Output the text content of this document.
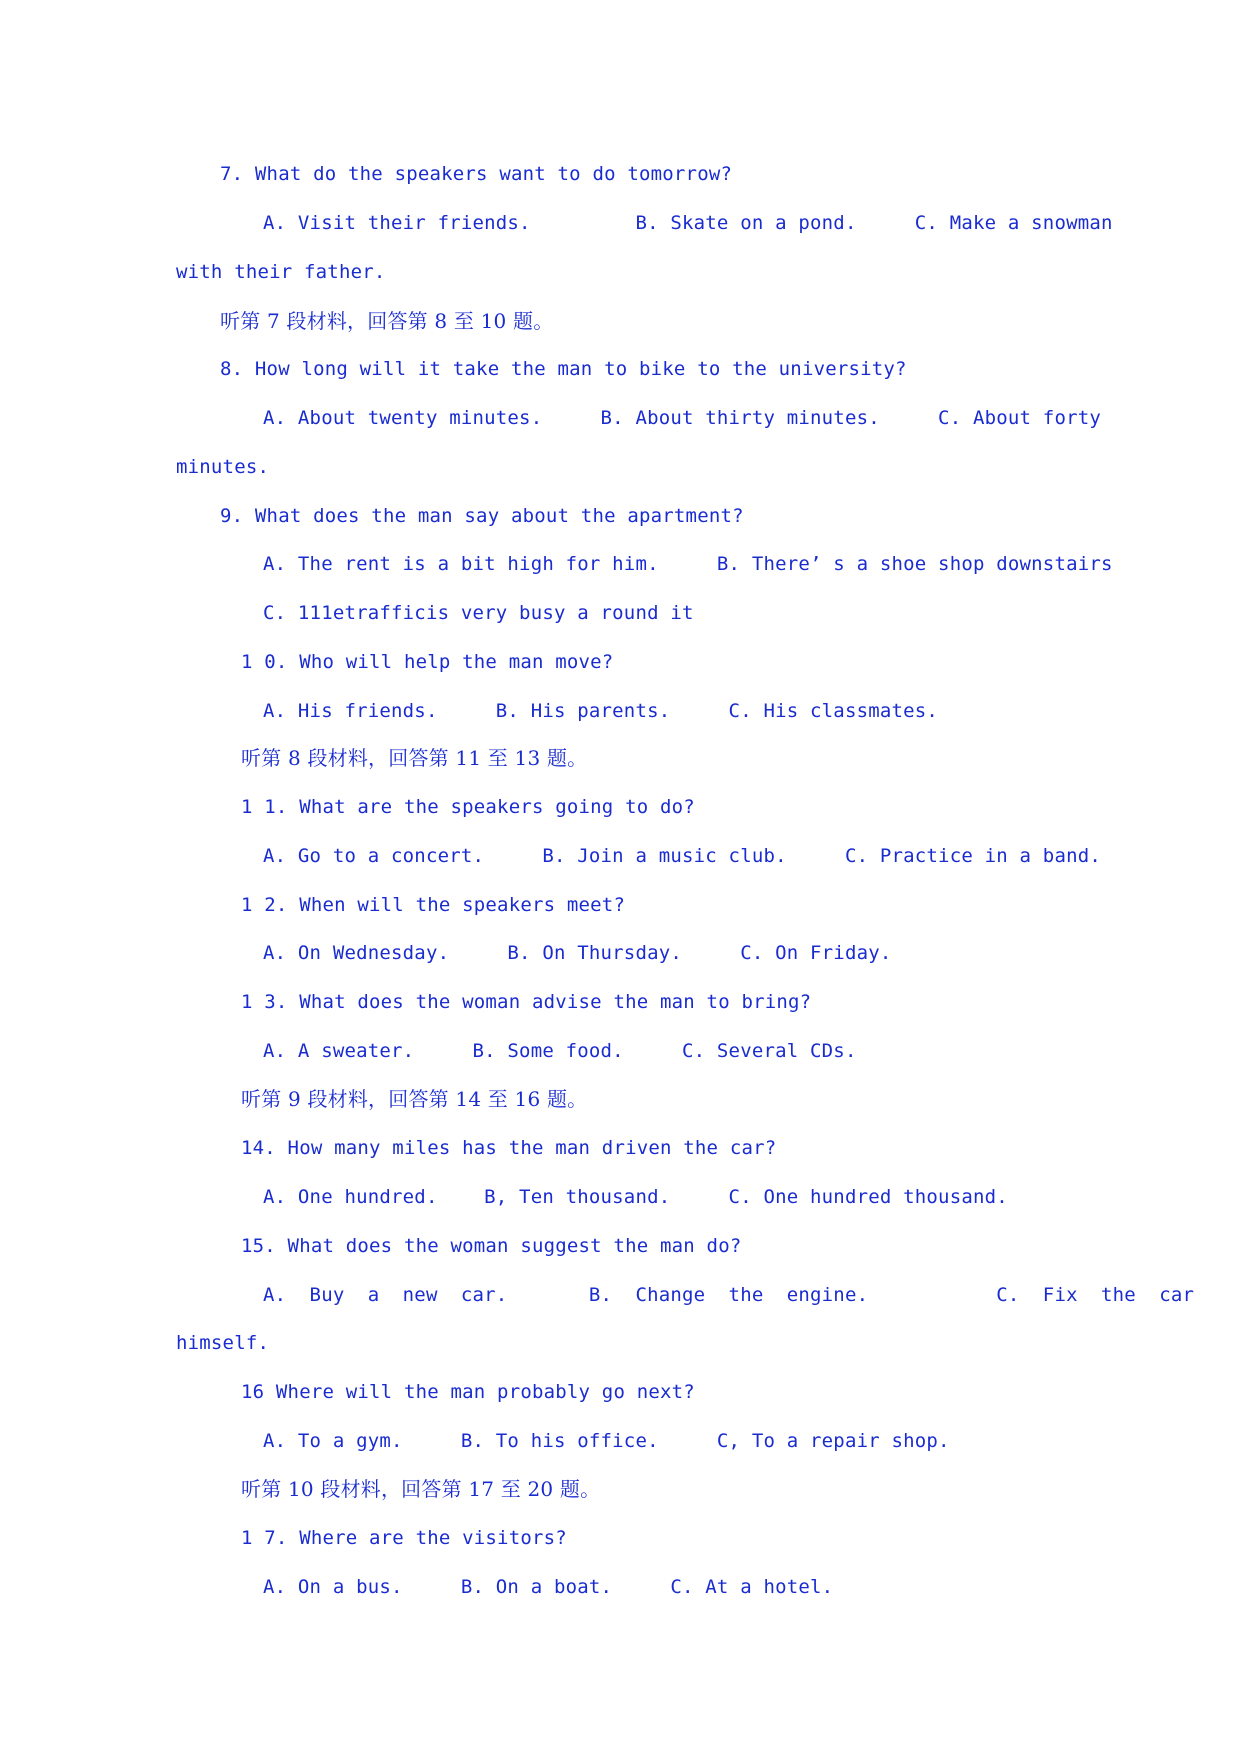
7. What do the speakers want to do tomorrow?
A. Visit their friends.         B. Skate on a pond.     C. Make a snowman
with their father.
听第 7 段材料，回答第 8 至 10 题。
8. How long will it take the man to bike to the university?
A. About twenty minutes.     B. About thirty minutes.     C. About forty
minutes.
9. What does the man say about the apartment?
A. The rent is a bit high for him.     B. There’ s a shoe shop downstairs
C. 111etrafficis very busy a round it
1 0. Who will help the man move?
A. His friends.     B. His parents.     C. His classmates.
听第 8 段材料，回答第 11 至 13 题。
1 1. What are the speakers going to do?
A. Go to a concert.     B. Join a music club.     C. Practice in a band.
1 2. When will the speakers meet?
A. On Wednesday.     B. On Thursday.     C. On Friday.
1 3. What does the woman advise the man to bring?
A. A sweater.     B. Some food.     C. Several CDs.
听第 9 段材料，回答第 14 至 16 题。
14. How many miles has the man driven the car?
A. One hundred.    B, Ten thousand.     C. One hundred thousand.
15. What does the woman suggest the man do?
A.  Buy  a  new  car.       B.  Change  the  engine.           C.  Fix  the  car
himself.
16 Where will the man probably go next?
A. To a gym.     B. To his office.     C, To a repair shop.
听第 10 段材料，回答第 17 至 20 题。
1 7. Where are the visitors?
A. On a bus.     B. On a boat.     C. At a hotel.
